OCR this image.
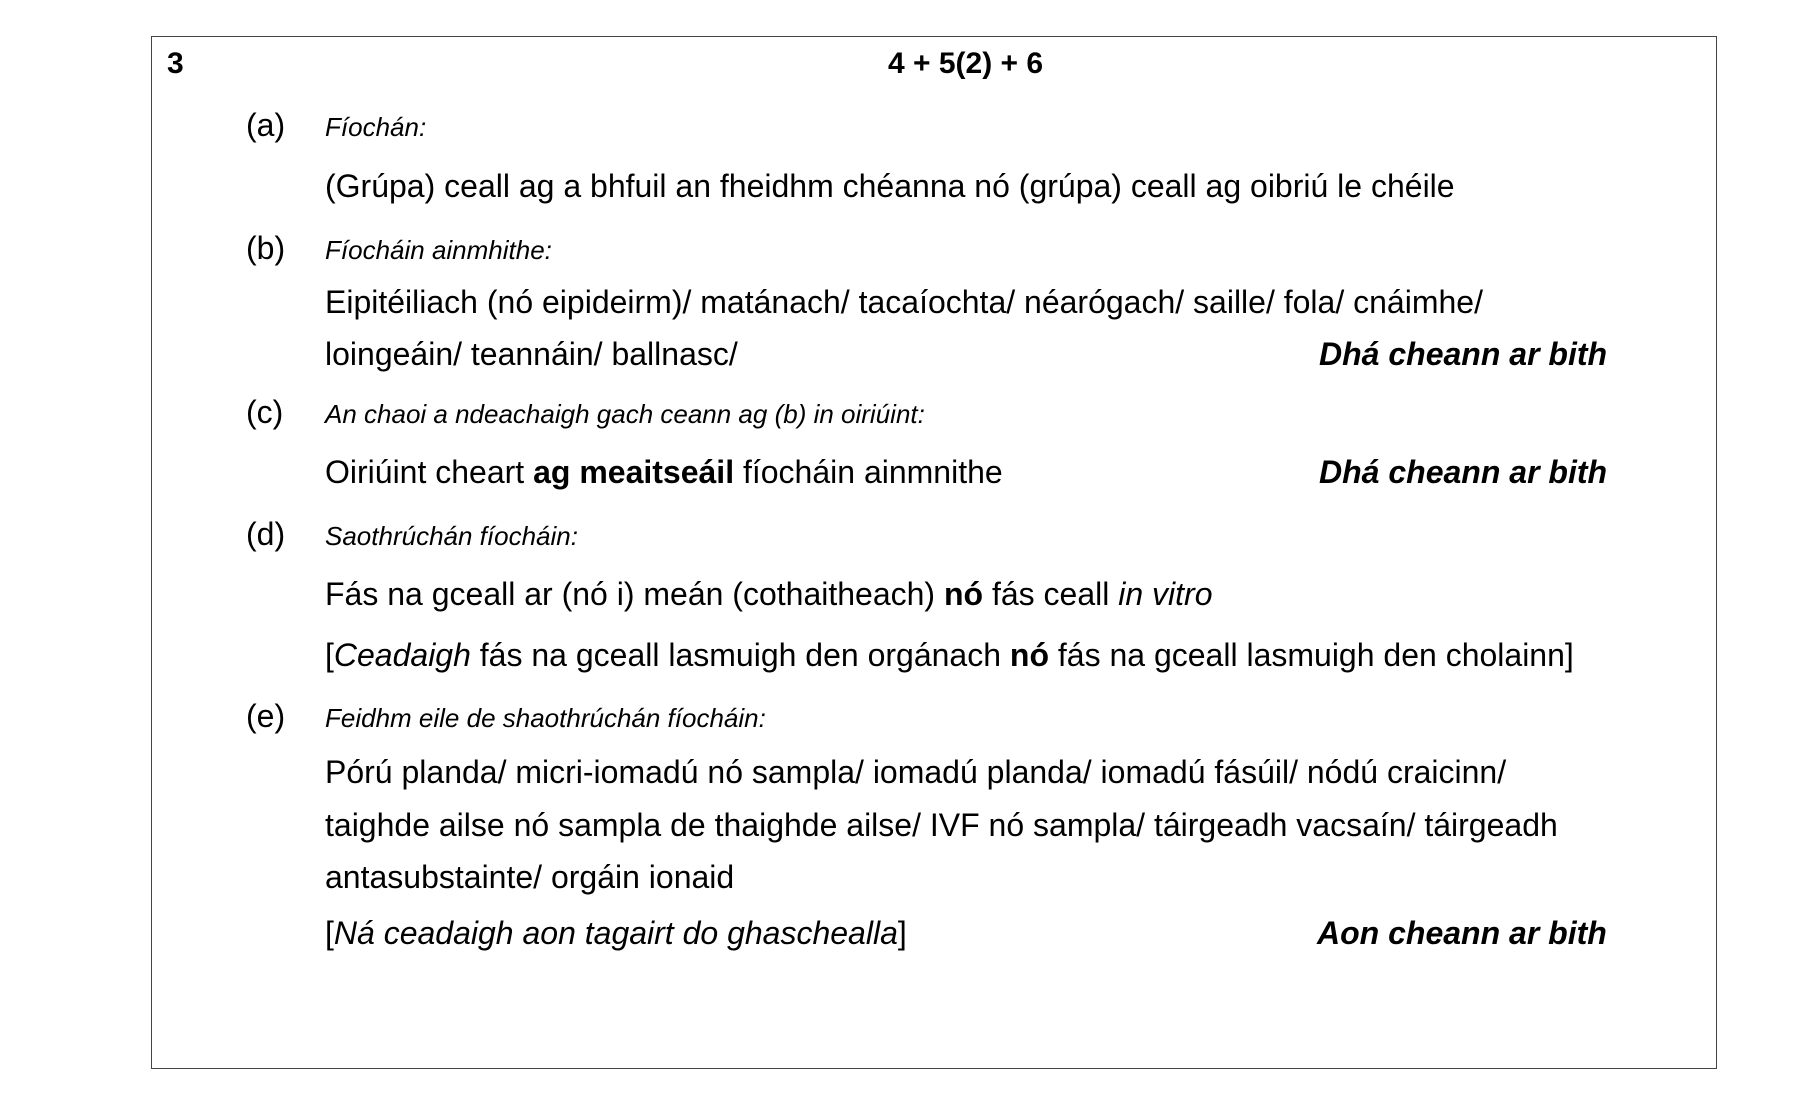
3	4 + 5(2) + 6
(a) Fíochán:
(Grúpa) ceall ag a bhfuil an fheidhm chéanna nó (grúpa) ceall ag oibriú le chéile
(b) Fíocháin ainmhithe:
Eipitéiliach (nó eipideirm)/ matánach/ tacaíochta/ néarógach/ saille/ fola/ cnáimhe/
loingeáin/ teannáin/ ballnasc/	Dhá cheann ar bith
(c) An chaoi a ndeachaigh gach ceann ag (b) in oiriúint:
Oiriúint cheart ag meaitseáil fíocháin ainmnithe	Dhá cheann ar bith
(d) Saothrúchán fíocháin:
Fás na gceall ar (nó i) meán (cothaitheach) nó fás ceall in vitro
[Ceadaigh fás na gceall lasmuigh den orgánach nó fás na gceall lasmuigh den cholainn]
(e) Feidhm eile de shaothrúchán fíocháin:
Pórú planda/ micri-iomadú nó sampla/ iomadú planda/ iomadú fásúil/ nódú craicinn/
taighde ailse nó sampla de thaighde ailse/ IVF nó sampla/ táirgeadh vacsaín/ táirgeadh
antasubstainte/ orgáin ionaid
[Ná ceadaigh aon tagairt do ghaschealla]	Aon cheann ar bith
